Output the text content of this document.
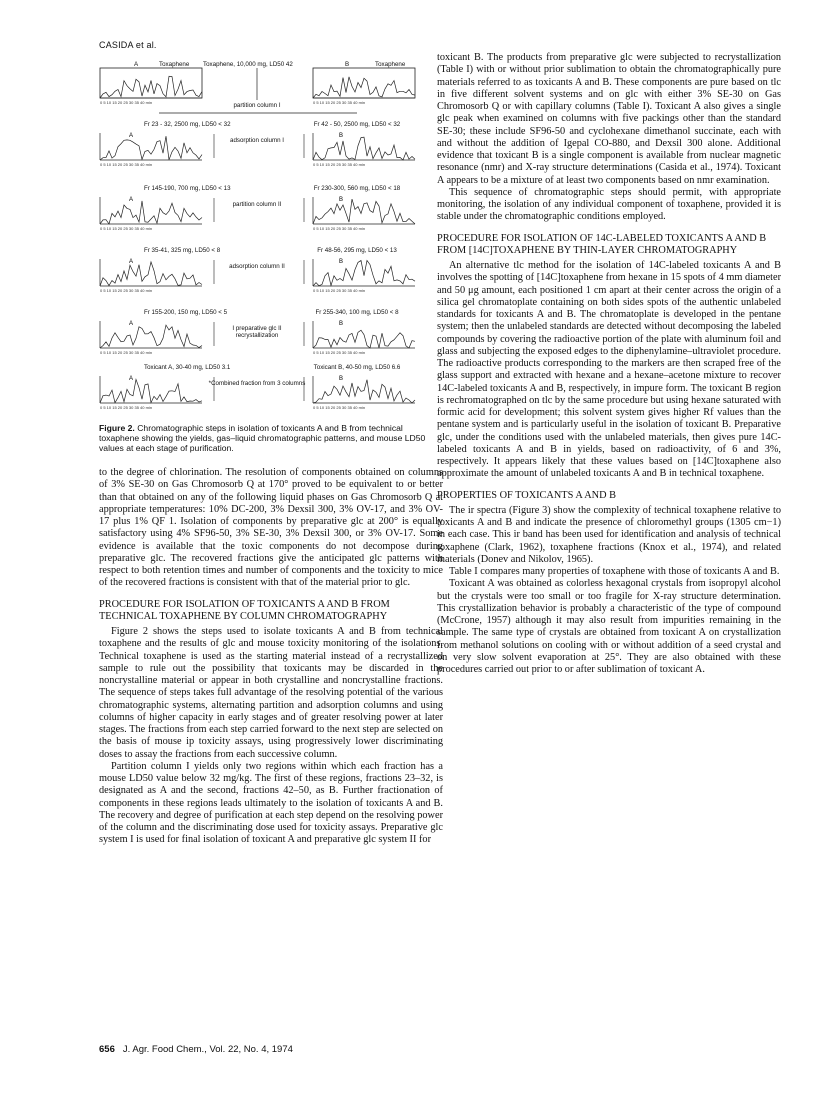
CASIDA et al.
0 5 10 15 20 25 30 35 40 min
A	Toxaphene Toxaphene, 10,000 mg, LD50 42
0 5 10 15 20 25 30 35 40 min
B	Toxaphene
partition column I
Fr 23 - 32, 2500 mg, LD50 < 32	Fr 42 - 50, 2500 mg, LD50 < 32
0 5 10 15 20 25 30 35 40 min	0 5 10 15 20 25 30 35 40 min
A	B
adsorption column I
Fr 145-190, 700 mg, LD50 < 13	Fr 230-300, 560 mg, LD50 < 18
0 5 10 15 20 25 30 35 40 min	0 5 10 15 20 25 30 35 40 min
A	B
partition column II
Fr 35-41, 325 mg, LD50 < 8	Fr 48-56, 295 mg, LD50 < 13
0 5 10 15 20 25 30 35 40 min	0 5 10 15 20 25 30 35 40 min
A	B
adsorption column II
Fr 155-200, 150 mg, LD50 < 5	Fr 255-340, 100 mg, LD50 < 8
0 5 10 15 20 25 30 35 40 min	0 5 10 15 20 25 30 35 40 min
A	B
I preparative glc II
recrystallization
Toxicant A, 30-40 mg, LD50 3.1	Toxicant B, 40-50 mg, LD50 6.6
0 5 10 15 20 25 30 35 40 min	0 5 10 15 20 25 30 35 40 min
A	B
*Combined fraction from 3 columns
Figure 2. Chromatographic steps in isolation of toxicants A and B from technical toxaphene showing the yields, gas–liquid chromatographic patterns, and mouse LD50 values at each stage of purification.

to the degree of chlorination. The resolution of components obtained on columns of 3% SE-30 on Gas Chromosorb Q at 170° proved to be equivalent to or better than that obtained on any of the following liquid phases on Gas Chromosorb Q at appropriate temperatures: 10% DC-200, 3% Dexsil 300, 3% OV-17, and 3% OV-17 plus 1% QF 1. Isolation of components by preparative glc at 200° is equally satisfactory using 4% SF96-50, 3% SE-30, 3% Dexsil 300, or 3% OV-17. Some evidence is available that the toxic components do not decompose during preparative glc. The recovered fractions give the anticipated glc patterns with respect to both retention times and number of components and the toxicity to mice of the recovered fractions is consistent with that of the material prior to glc.

PROCEDURE FOR ISOLATION OF TOXICANTS A AND B FROM TECHNICAL TOXAPHENE BY COLUMN CHROMATOGRAPHY

Figure 2 shows the steps used to isolate toxicants A and B from technical toxaphene and the results of glc and mouse toxicity monitoring of the isolations. Technical toxaphene is used as the starting material instead of a recrystallized sample to rule out the possibility that toxicants may be discarded in the noncrystalline material or appear in both crystalline and noncrystalline fractions. The sequence of steps takes full advantage of the resolving potential of the various chromatographic systems, alternating partition and adsorption columns and using columns of higher capacity in early stages and of greater resolving power at later stages. The fractions from each step carried forward to the next step are selected on the basis of mouse ip toxicity assays, using progressively lower discriminating doses to assay the fractions from each successive column.

Partition column I yields only two regions within which each fraction has a mouse LD50 value below 32 mg/kg. The first of these regions, fractions 23–32, is designated as A and the second, fractions 42–50, as B. Further fractionation of components in these regions leads ultimately to the isolation of toxicants A and B. The recovery and degree of purification at each step depend on the resolving power of the column and the discriminating dose used for toxicity assays. Preparative glc system I is used for final isolation of toxicant A and preparative glc system II for

toxicant B. The products from preparative glc were subjected to recrystallization (Table I) with or without prior sublimation to obtain the chromatographically pure materials referred to as toxicants A and B. These components are pure based on tlc in five different solvent systems and on glc with either 3% SE-30 on Gas Chromosorb Q or with capillary columns (Table I). Toxicant A also gives a single glc peak when examined on columns with five packings other than the standard SE-30; these include SF96-50 and cyclohexane dimethanol succinate, each with and without the addition of Igepal CO-880, and Dexsil 300 alone. Additional evidence that toxicant B is a single component is available from nuclear magnetic resonance (nmr) and X-ray structure determinations (Casida et al., 1974). Toxicant A appears to be a mixture of at least two components based on nmr examination.

This sequence of chromatographic steps should permit, with appropriate monitoring, the isolation of any individual component of toxaphene, provided it is stable under the chromatographic conditions employed.

PROCEDURE FOR ISOLATION OF 14C-LABELED TOXICANTS A AND B FROM [14C]TOXAPHENE BY THIN-LAYER CHROMATOGRAPHY

An alternative tlc method for the isolation of 14C-labeled toxicants A and B involves the spotting of [14C]toxaphene from hexane in 15 spots of 4 mm diameter and 50 μg amount, each positioned 1 cm apart at their center across the origin of a silica gel chromatoplate containing on both sides spots of the authentic unlabeled standards for toxicants A and B. The chromatoplate is developed in the pentane system; then the unlabeled standards are detected without decomposing the labeled compounds by covering the radioactive portion of the plate with aluminum foil and glass and subjecting the exposed edges to the diphenylamine–ultraviolet procedure. The radioactive products corresponding to the markers are then scraped free of the glass support and extracted with hexane and a hexane–acetone mixture to recover 14C-labeled toxicants A and B, respectively, in impure form. The toxicant B region is rechromatographed on tlc by the same procedure but using hexane saturated with formic acid for development; this solvent system gives higher Rf values than the pentane system and is particularly useful in the isolation of toxicant B. Preparative glc, under the conditions used with the unlabeled materials, then gives pure 14C-labeled toxicants A and B in yields, based on radioactivity, of 6 and 3%, respectively. It appears likely that these values based on [14C]toxaphene also approximate the amount of unlabeled toxicants A and B in technical toxaphene.

PROPERTIES OF TOXICANTS A AND B

The ir spectra (Figure 3) show the complexity of technical toxaphene relative to toxicants A and B and indicate the presence of chloromethyl groups (1305 cm−1) in each case. This ir band has been used for identification and analysis of technical toxaphene (Clark, 1962), toxaphene fractions (Knox et al., 1974), and related materials (Donev and Nikolov, 1965).

Table I compares many properties of toxaphene with those of toxicants A and B.

Toxicant A was obtained as colorless hexagonal crystals from isopropyl alcohol but the crystals were too small or too fragile for X-ray structure determination. This crystallization behavior is probably a characteristic of the type of compound (McCrone, 1957) although it may also result from impurities remaining in the sample. The same type of crystals are obtained from toxicant A on crystallization from methanol solutions on cooling with or without addition of a seed crystal and on very slow solvent evaporation at 25°. They are also obtained with these procedures carried out prior to or after sublimation of toxicant A.

656 J. Agr. Food Chem., Vol. 22, No. 4, 1974
